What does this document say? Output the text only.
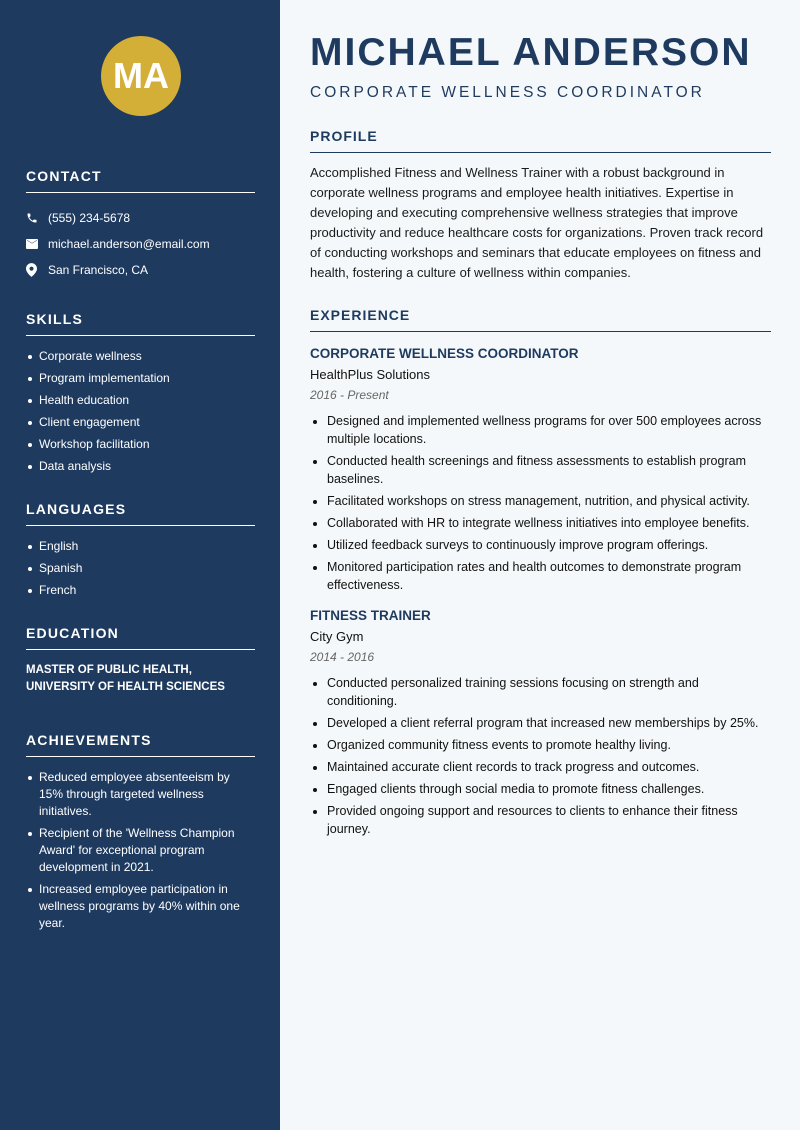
MA
CONTACT
(555) 234-5678
michael.anderson@email.com
San Francisco, CA
SKILLS
Corporate wellness
Program implementation
Health education
Client engagement
Workshop facilitation
Data analysis
LANGUAGES
English
Spanish
French
EDUCATION
MASTER OF PUBLIC HEALTH,
UNIVERSITY OF HEALTH SCIENCES
ACHIEVEMENTS
Reduced employee absenteeism by 15% through targeted wellness initiatives.
Recipient of the 'Wellness Champion Award' for exceptional program development in 2021.
Increased employee participation in wellness programs by 40% within one year.
MICHAEL ANDERSON
CORPORATE WELLNESS COORDINATOR
PROFILE

Accomplished Fitness and Wellness Trainer with a robust background in corporate wellness programs and employee health initiatives. Expertise in developing and executing comprehensive wellness strategies that improve productivity and reduce healthcare costs for organizations. Proven track record of conducting workshops and seminars that educate employees on fitness and health, fostering a culture of wellness within companies.

EXPERIENCE
CORPORATE WELLNESS COORDINATOR
HealthPlus Solutions
2016 - Present
• Designed and implemented wellness programs for over 500 employees across multiple locations.
• Conducted health screenings and fitness assessments to establish program baselines.
• Facilitated workshops on stress management, nutrition, and physical activity.
• Collaborated with HR to integrate wellness initiatives into employee benefits.
• Utilized feedback surveys to continuously improve program offerings.
• Monitored participation rates and health outcomes to demonstrate program effectiveness.
FITNESS TRAINER
City Gym
2014 - 2016
• Conducted personalized training sessions focusing on strength and conditioning.
• Developed a client referral program that increased new memberships by 25%.
• Organized community fitness events to promote healthy living.
• Maintained accurate client records to track progress and outcomes.
• Engaged clients through social media to promote fitness challenges.
• Provided ongoing support and resources to clients to enhance their fitness journey.
